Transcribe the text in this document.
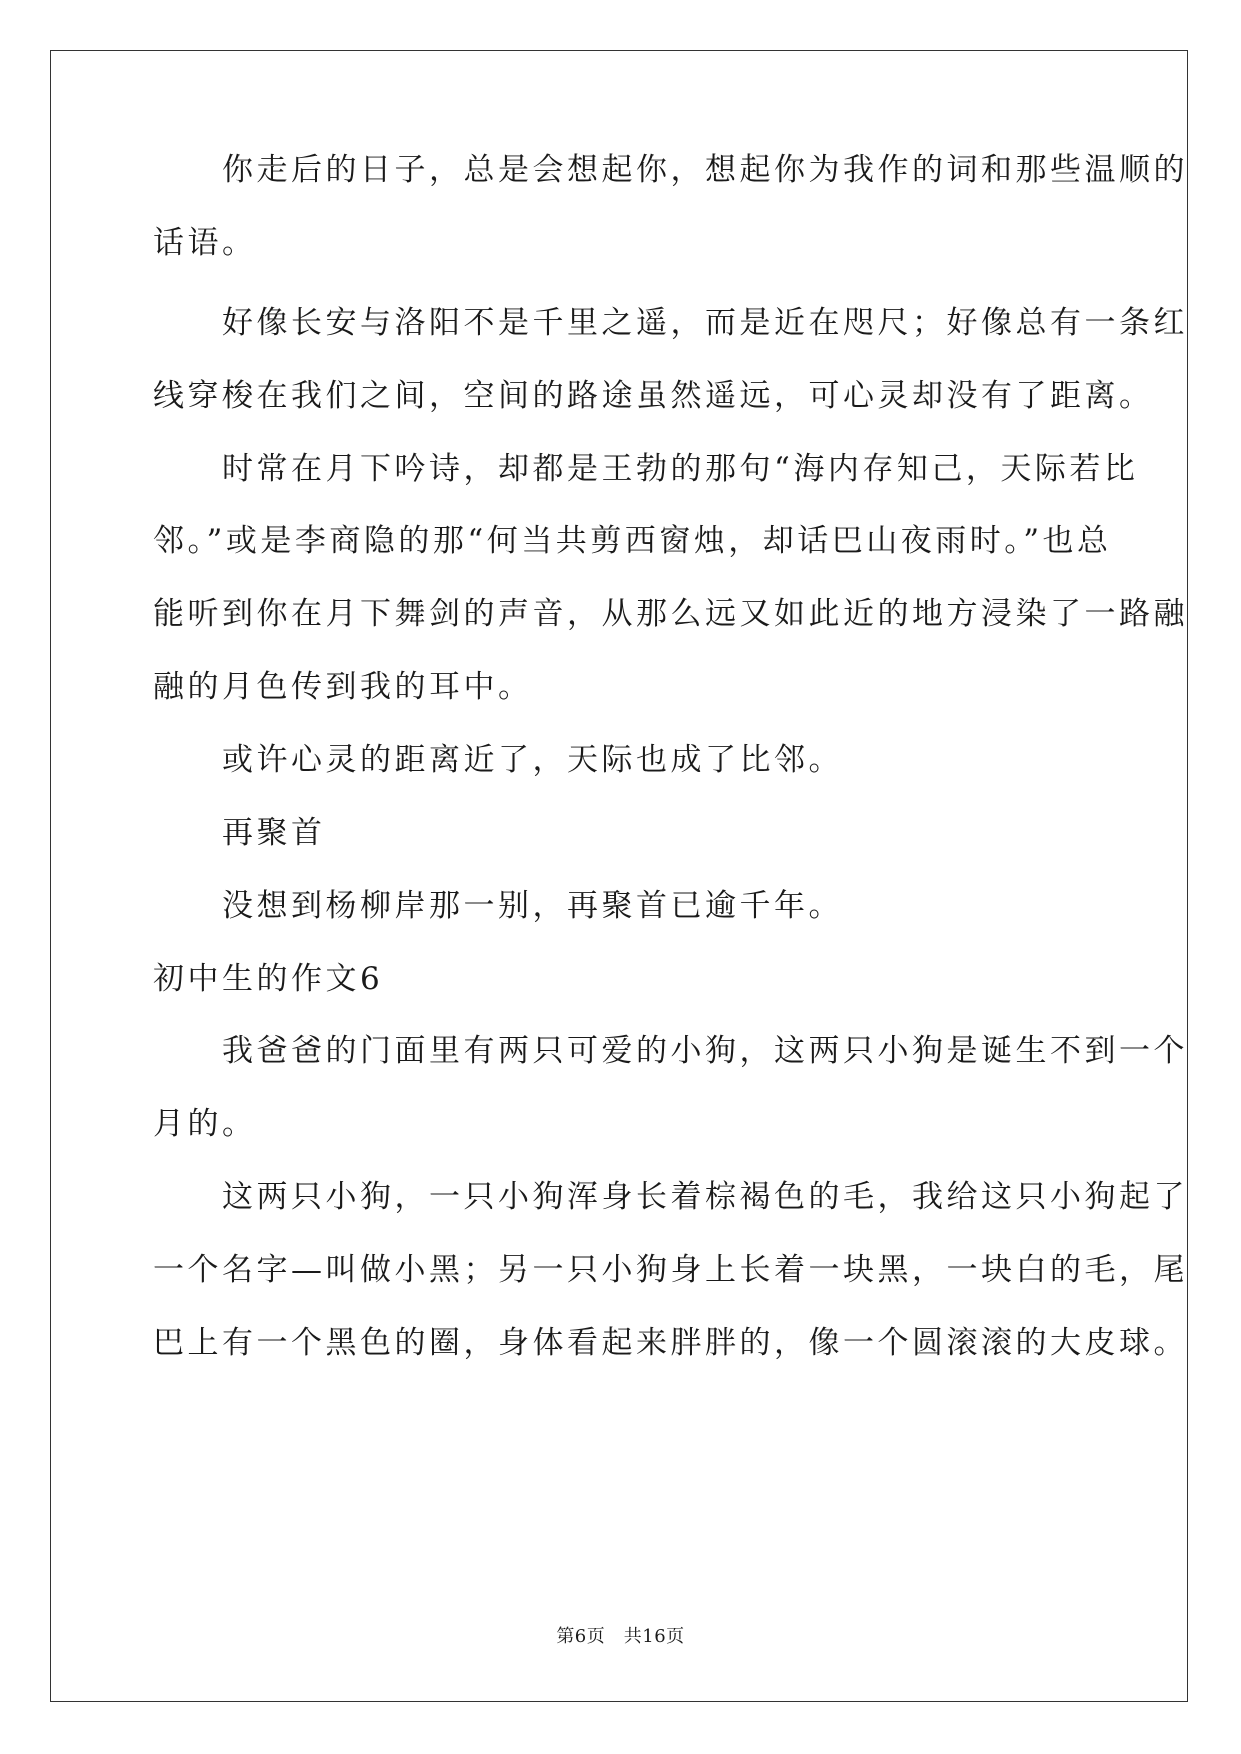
　　你走后的日子，总是会想起你，想起你为我作的词和那些温顺的
话语。
　　好像长安与洛阳不是千里之遥，而是近在咫尺；好像总有一条红
线穿梭在我们之间，空间的路途虽然遥远，可心灵却没有了距离。
　　时常在月下吟诗，却都是王勃的那句“海内存知己，天际若比
邻。”或是李商隐的那“何当共剪西窗烛，却话巴山夜雨时。”也总
能听到你在月下舞剑的声音，从那么远又如此近的地方浸染了一路融
融的月色传到我的耳中。
　　或许心灵的距离近了，天际也成了比邻。
　　再聚首
　　没想到杨柳岸那一别，再聚首已逾千年。
初中生的作文6
　　我爸爸的门面里有两只可爱的小狗，这两只小狗是诞生不到一个
月的。
　　这两只小狗，一只小狗浑身长着棕褐色的毛，我给这只小狗起了
一个名字—叫做小黑；另一只小狗身上长着一块黑，一块白的毛，尾
巴上有一个黑色的圈，身体看起来胖胖的，像一个圆滚滚的大皮球。
第6页　共16页
